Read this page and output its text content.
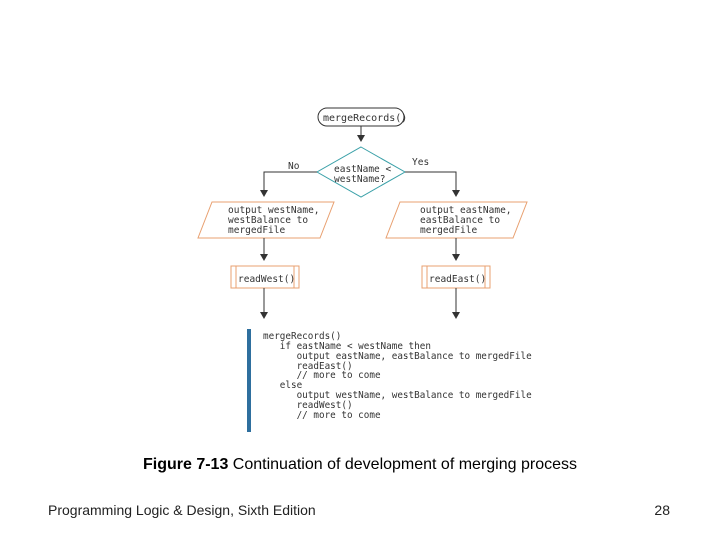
mergeRecords()
eastName <
westName?
No	Yes
output westName,
westBalance to
mergedFile
output eastName,
eastBalance to
mergedFile
readWest()	readEast()
mergeRecords()
if eastName < westName then
output eastName, eastBalance to mergedFile
readEast()
// more to come
else
output westName, westBalance to mergedFile
readWest()
// more to come
Figure 7-13 Continuation of development of merging process
Programming Logic & Design, Sixth Edition	28
